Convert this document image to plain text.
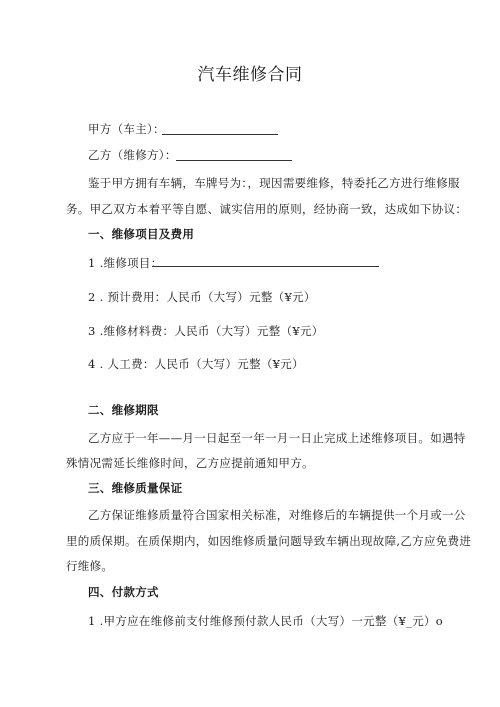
汽车维修合同
甲方（车主）：
乙方（维修方）：
鉴于甲方拥有车辆，车牌号为：，现因需要维修，特委托乙方进行维修服
务。甲乙双方本着平等自愿、诚实信用的原则，经协商一致，达成如下协议：
一、维修项目及费用
1 .维修项目：
2 . 预计费用：人民币（大写）元整（¥元）
3 .维修材料费：人民币（大写）元整（¥元）
4 . 人工费：人民币（大写）元整（¥元）
二、维修期限
乙方应于一年——月一日起至一年一月一日止完成上述维修项目。如遇特
殊情况需延长维修时间，乙方应提前通知甲方。
三、维修质量保证
乙方保证维修质量符合国家相关标准，对维修后的车辆提供一个月或一公
里的质保期。在质保期内，如因维修质量问题导致车辆出现故障,乙方应免费进
行维修。
四、付款方式
1 .甲方应在维修前支付维修预付款人民币（大写）一元整（¥_元）o
